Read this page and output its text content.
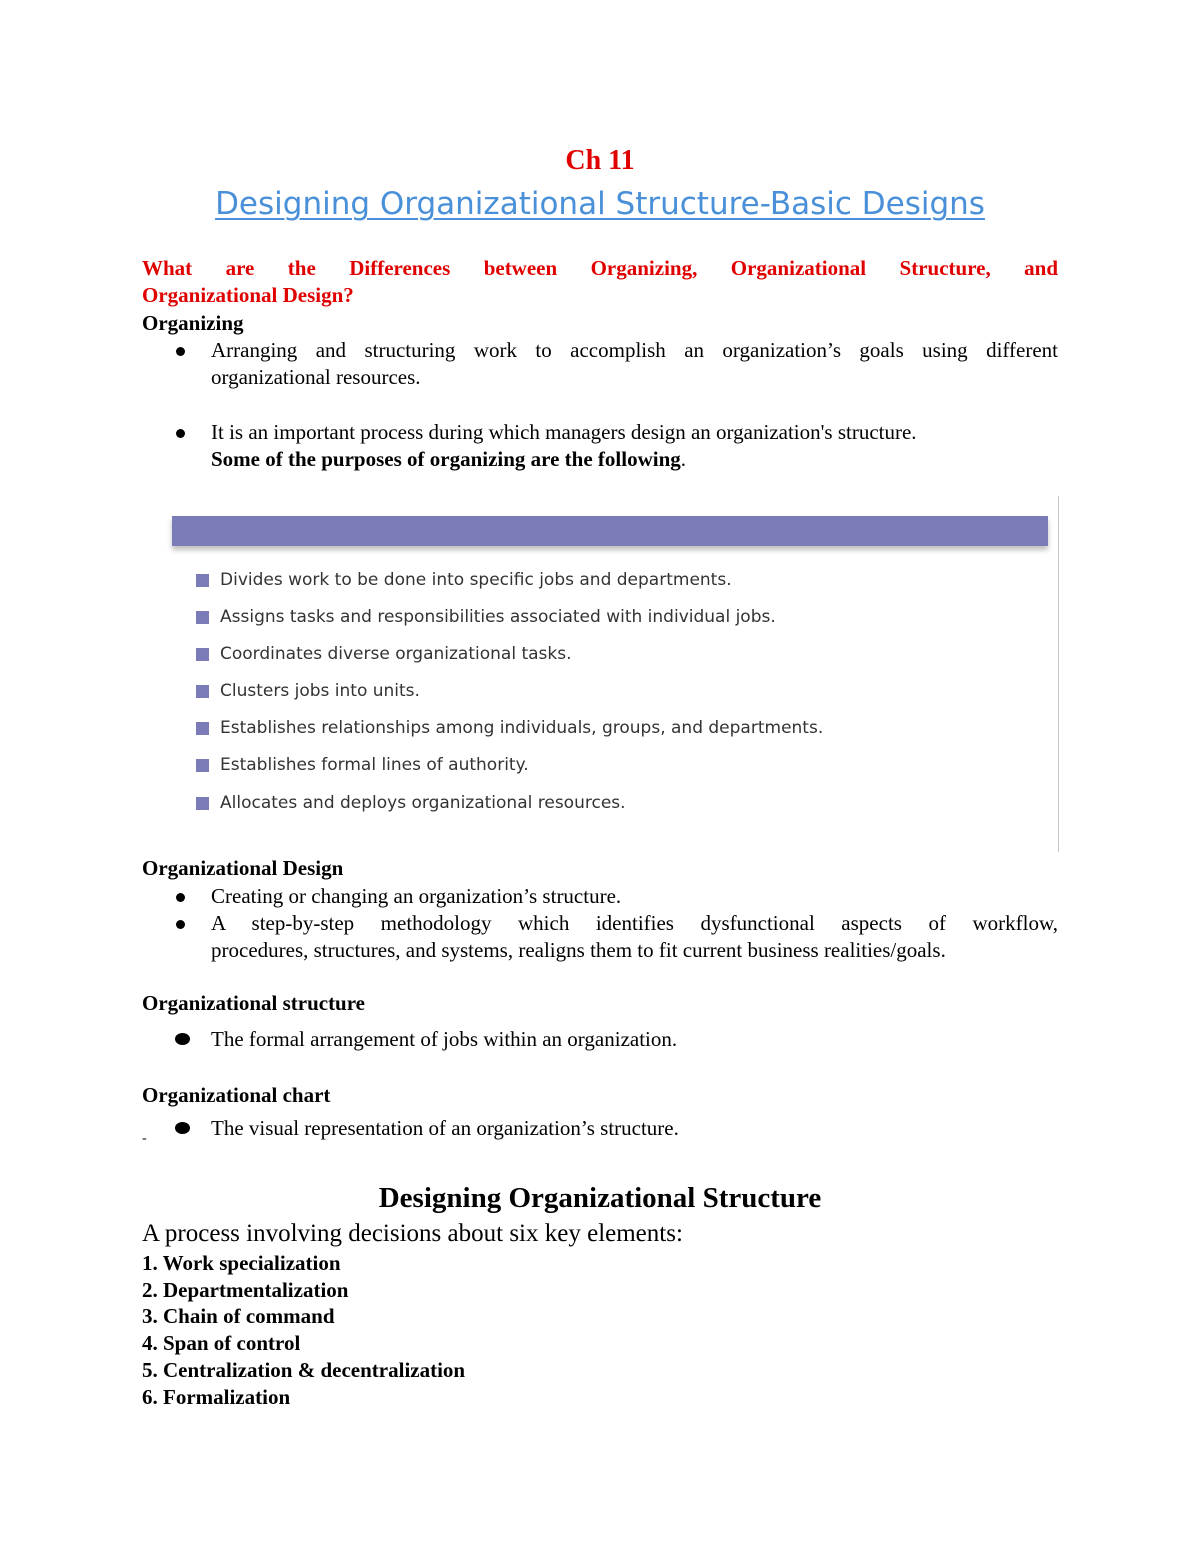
Ch 11
Designing Organizational Structure-Basic Designs
What are the Differences between Organizing, Organizational Structure, and
Organizational Design?
Organizing
Arranging and structuring work to accomplish an organization’s goals using different
organizational resources.
It is an important process during which managers design an organization's structure.
Some of the purposes of organizing are the following.
Divides work to be done into specific jobs and departments.
Assigns tasks and responsibilities associated with individual jobs.
Coordinates diverse organizational tasks.
Clusters jobs into units.
Establishes relationships among individuals, groups, and departments.
Establishes formal lines of authority.
Allocates and deploys organizational resources.
Organizational Design
Creating or changing an organization’s structure.
A step-by-step methodology which identifies dysfunctional aspects of workflow,
procedures, structures, and systems, realigns them to fit current business realities/goals.
Organizational structure
The formal arrangement of jobs within an organization.
Organizational chart
The visual representation of an organization’s structure.
-
Designing Organizational Structure
A process involving decisions about six key elements:
1. Work specialization
2. Departmentalization
3. Chain of command
4. Span of control
5. Centralization & decentralization
6. Formalization
